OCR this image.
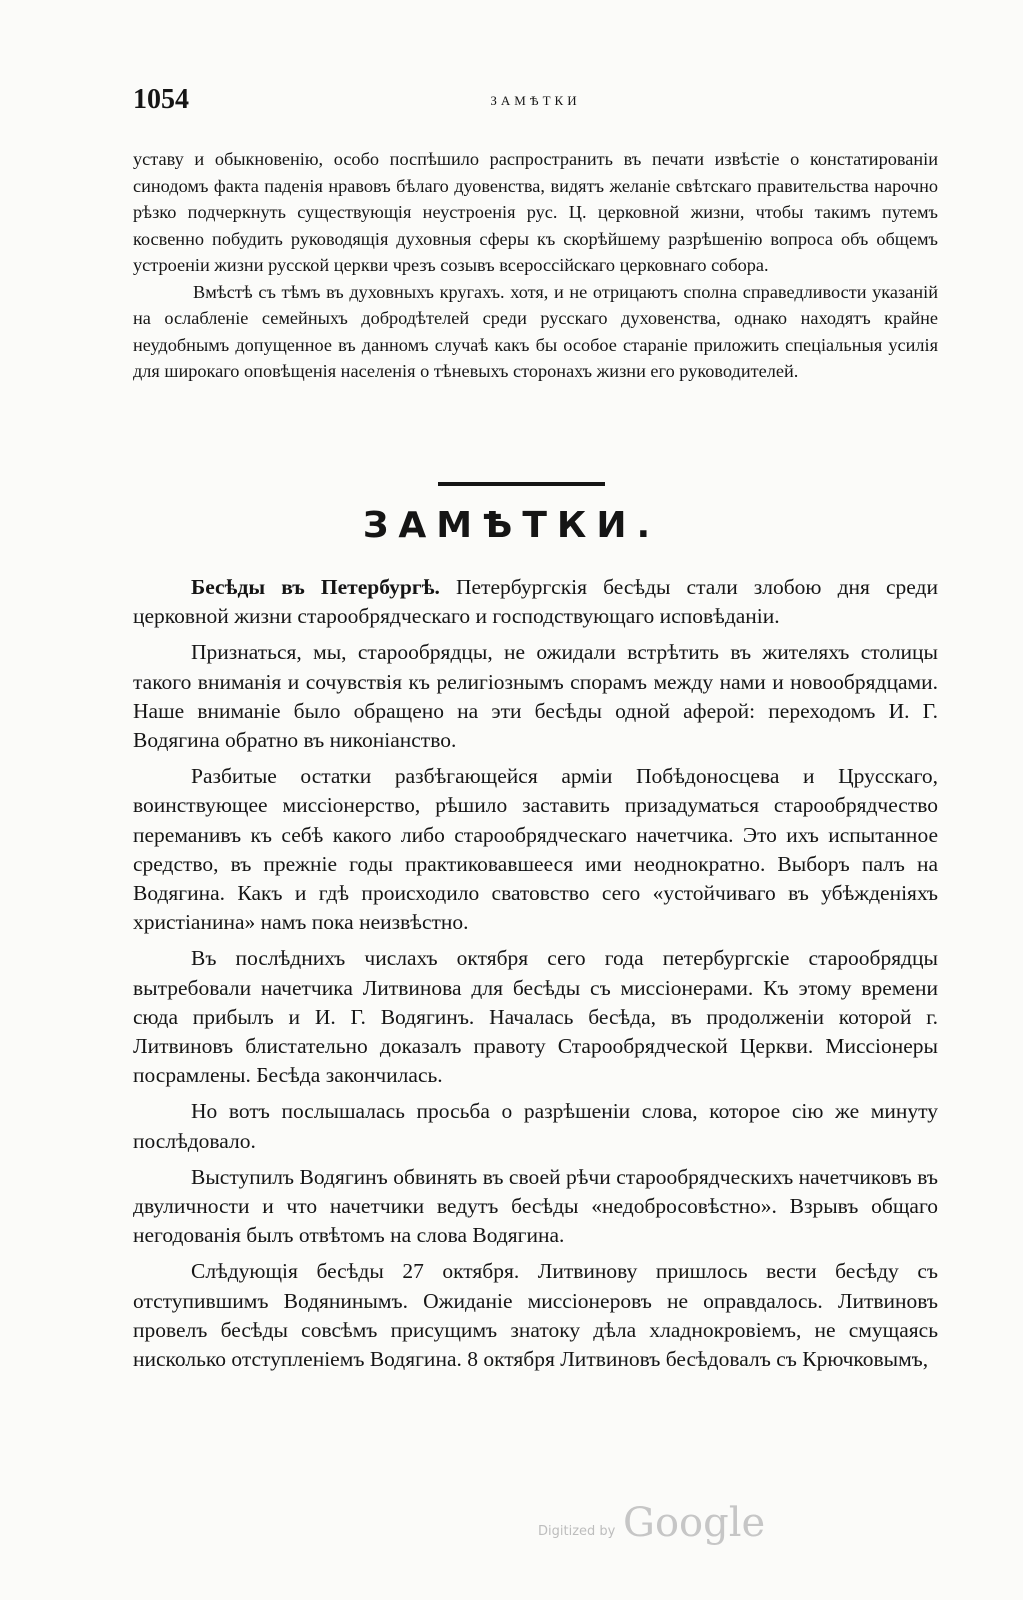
1054	ЗАМѢТКИ

уставу и обыкновенію, особо поспѣшило распространить въ печати извѣстіе о констатированіи синодомъ факта паденія нравовъ бѣлаго дуовенства, видятъ желаніе свѣтскаго правительства нарочно рѣзко подчеркнуть существующія неустроенія рус. Ц. церковной жизни, чтобы такимъ путемъ косвенно побудить руководящія духовныя сферы къ скорѣйшему разрѣшенію вопроса объ общемъ устроеніи жизни русской церкви чрезъ созывъ всероссійскаго церковнаго собора.

Вмѣстѣ съ тѣмъ въ духовныхъ кругахъ. хотя, и не отрицаютъ сполна справедливости указаній на ослабленіе семейныхъ добродѣтелей среди русскаго духовенства, однако находятъ крайне неудобнымъ допущенное въ данномъ случаѣ какъ бы особое стараніе приложить спеціальныя усилія для широкаго оповѣщенія населенія о тѣневыхъ сторонахъ жизни его руководителей.

ЗАМѢТКИ.

Бесѣды въ Петербургѣ. Петербургскія бесѣды стали злобою дня среди церковной жизни старообрядческаго и господствующаго исповѣданіи.

Признаться, мы, старообрядцы, не ожидали встрѣтить въ жителяхъ столицы такого вниманія и сочувствія къ религіознымъ спорамъ между нами и новообрядцами. Наше вниманіе было обращено на эти бесѣды одной аферой: переходомъ И. Г. Водягина обратно въ никоніанство.

Разбитые остатки разбѣгающейся арміи Побѣдоносцева и Црусскаго, воинствующее миссіонерство, рѣшило заставить призадуматься старообрядчество переманивъ къ себѣ какого либо старообрядческаго начетчика. Это ихъ испытанное средство, въ прежніе годы практиковавшееся ими неоднократно. Выборъ палъ на Водягина. Какъ и гдѣ происходило сватовство сего «устойчиваго въ убѣжденіяхъ христіанина» намъ пока неизвѣстно.

Въ послѣднихъ числахъ октября сего года петербургскіе старообрядцы вытребовали начетчика Литвинова для бесѣды съ миссіонерами. Къ этому времени сюда прибылъ и И. Г. Водягинъ. Началась бесѣда, въ продолженіи которой г. Литвиновъ блистательно доказалъ правоту Старообрядческой Церкви. Миссіонеры посрамлены. Бесѣда закончилась.

Но вотъ послышалась просьба о разрѣшеніи слова, которое сію же минуту послѣдовало.

Выступилъ Водягинъ обвинять въ своей рѣчи старообрядческихъ начетчиковъ въ двуличности и что начетчики ведутъ бесѣды «недобросовѣстно». Взрывъ общаго негодованія былъ отвѣтомъ на слова Водягина.

Слѣдующія бесѣды 27 октября. Литвинову пришлось вести бесѣду съ отступившимъ Водянинымъ. Ожиданіе миссіонеровъ не оправдалось. Литвиновъ провелъ бесѣды совсѣмъ присущимъ знатоку дѣла хладнокровіемъ, не смущаясь нисколько отступленіемъ Водягина. 8 октября Литвиновъ бесѣдовалъ съ Крючковымъ,

Digitized by Google
